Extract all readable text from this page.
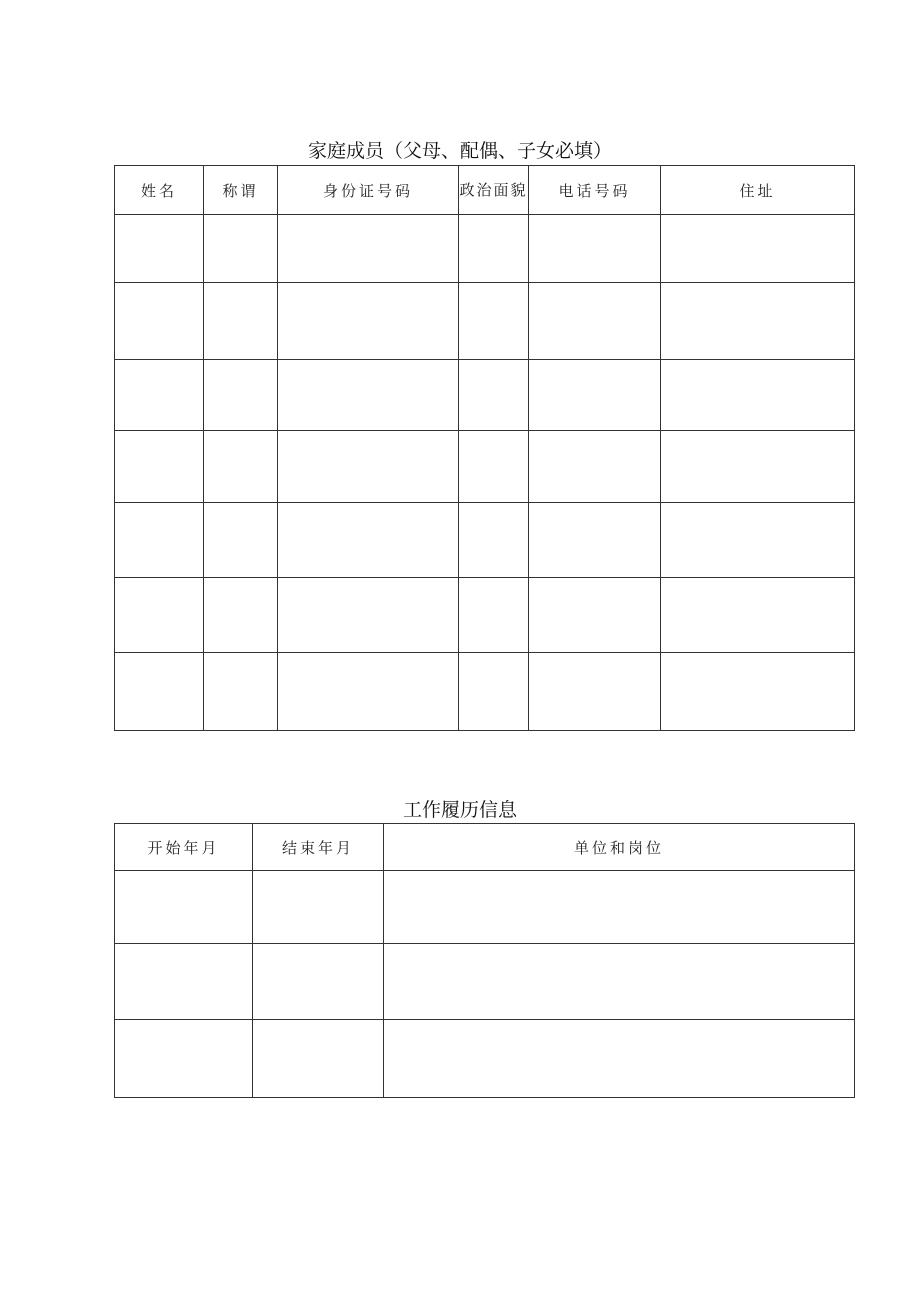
家庭成员（父母、配偶、子女必填）
姓名	称谓	身份证号码	政治面貌	电话号码	住址

工作履历信息
开始年月	结束年月	单位和岗位
